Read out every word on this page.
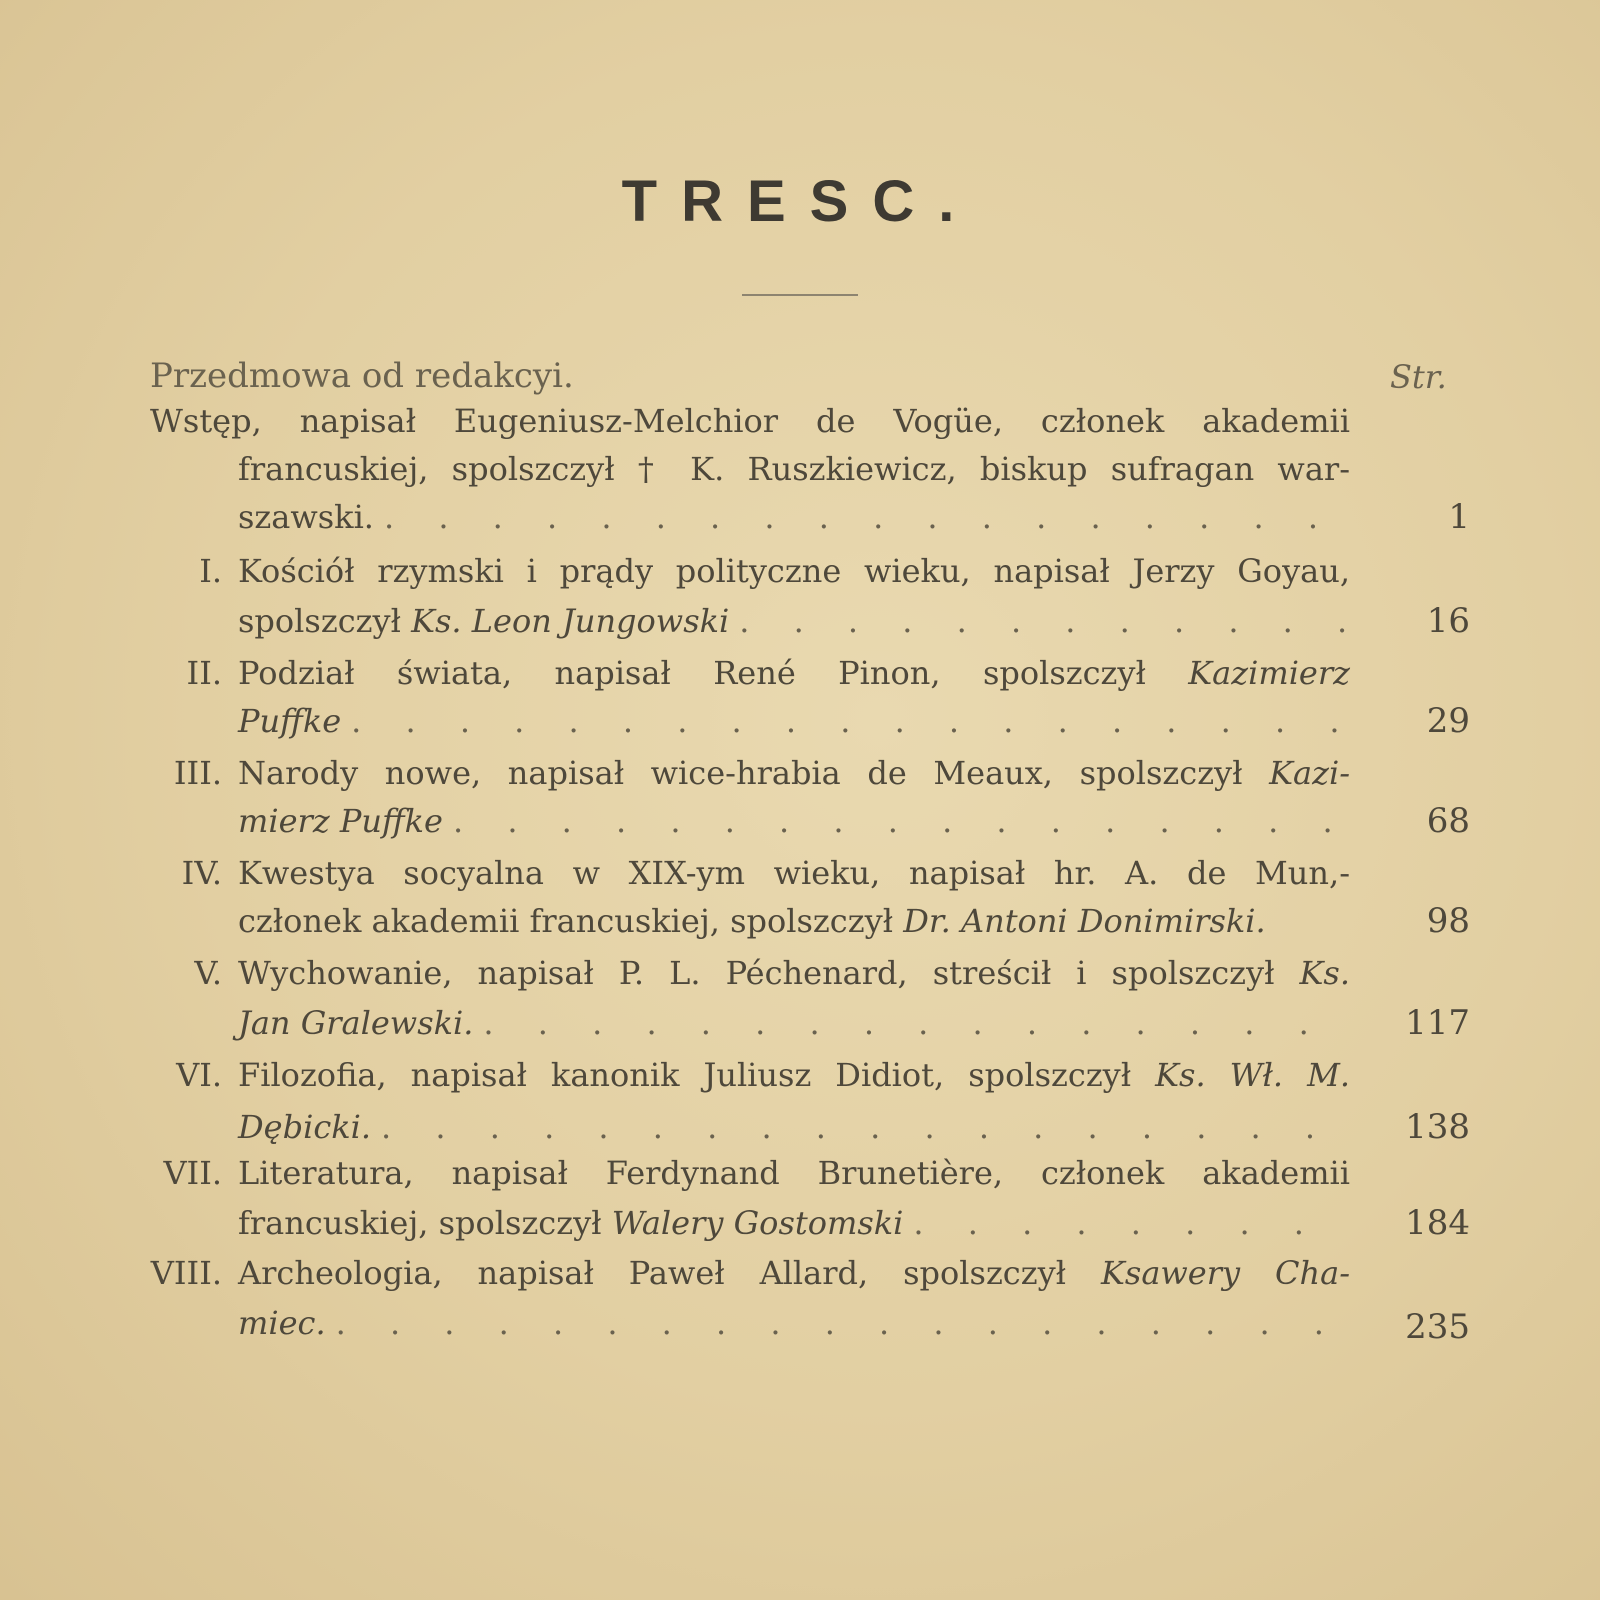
TRESC.
Przedmowa od redakcyi.	Str.
Wstęp, napisał Eugeniusz-Melchior de Vogüe, członek akademii
francuskiej, spolszczył † K. Ruszkiewicz, biskup sufragan war-
szawski. . . .	1
I. Kościół rzymski i prądy polityczne wieku, napisał Jerzy Goyau,
spolszczył Ks. Leon Jungowski . . .	16
II. Podział świata, napisał René Pinon, spolszczył Kazimierz
Puffke . . .	29
III. Narody nowe, napisał wice-hrabia de Meaux, spolszczył Kazi-
mierz Puffke . . .	68
IV. Kwestya socyalna w XIX-ym wieku, napisał hr. A. de Mun,-
członek akademii francuskiej, spolszczył Dr. Antoni Donimirski.	98
V. Wychowanie, napisał P. L. Péchenard, streścił i spolszczył Ks.
Jan Gralewski. . . .	117
VI. Filozofia, napisał kanonik Juliusz Didiot, spolszczył Ks. Wł. M.
Dębicki. . . .	138
VII. Literatura, napisał Ferdynand Brunetière, członek akademii
francuskiej, spolszczył Walery Gostomski . . .	184
VIII. Archeologia, napisał Paweł Allard, spolszczył Ksawery Cha-
miec. . . .	235
